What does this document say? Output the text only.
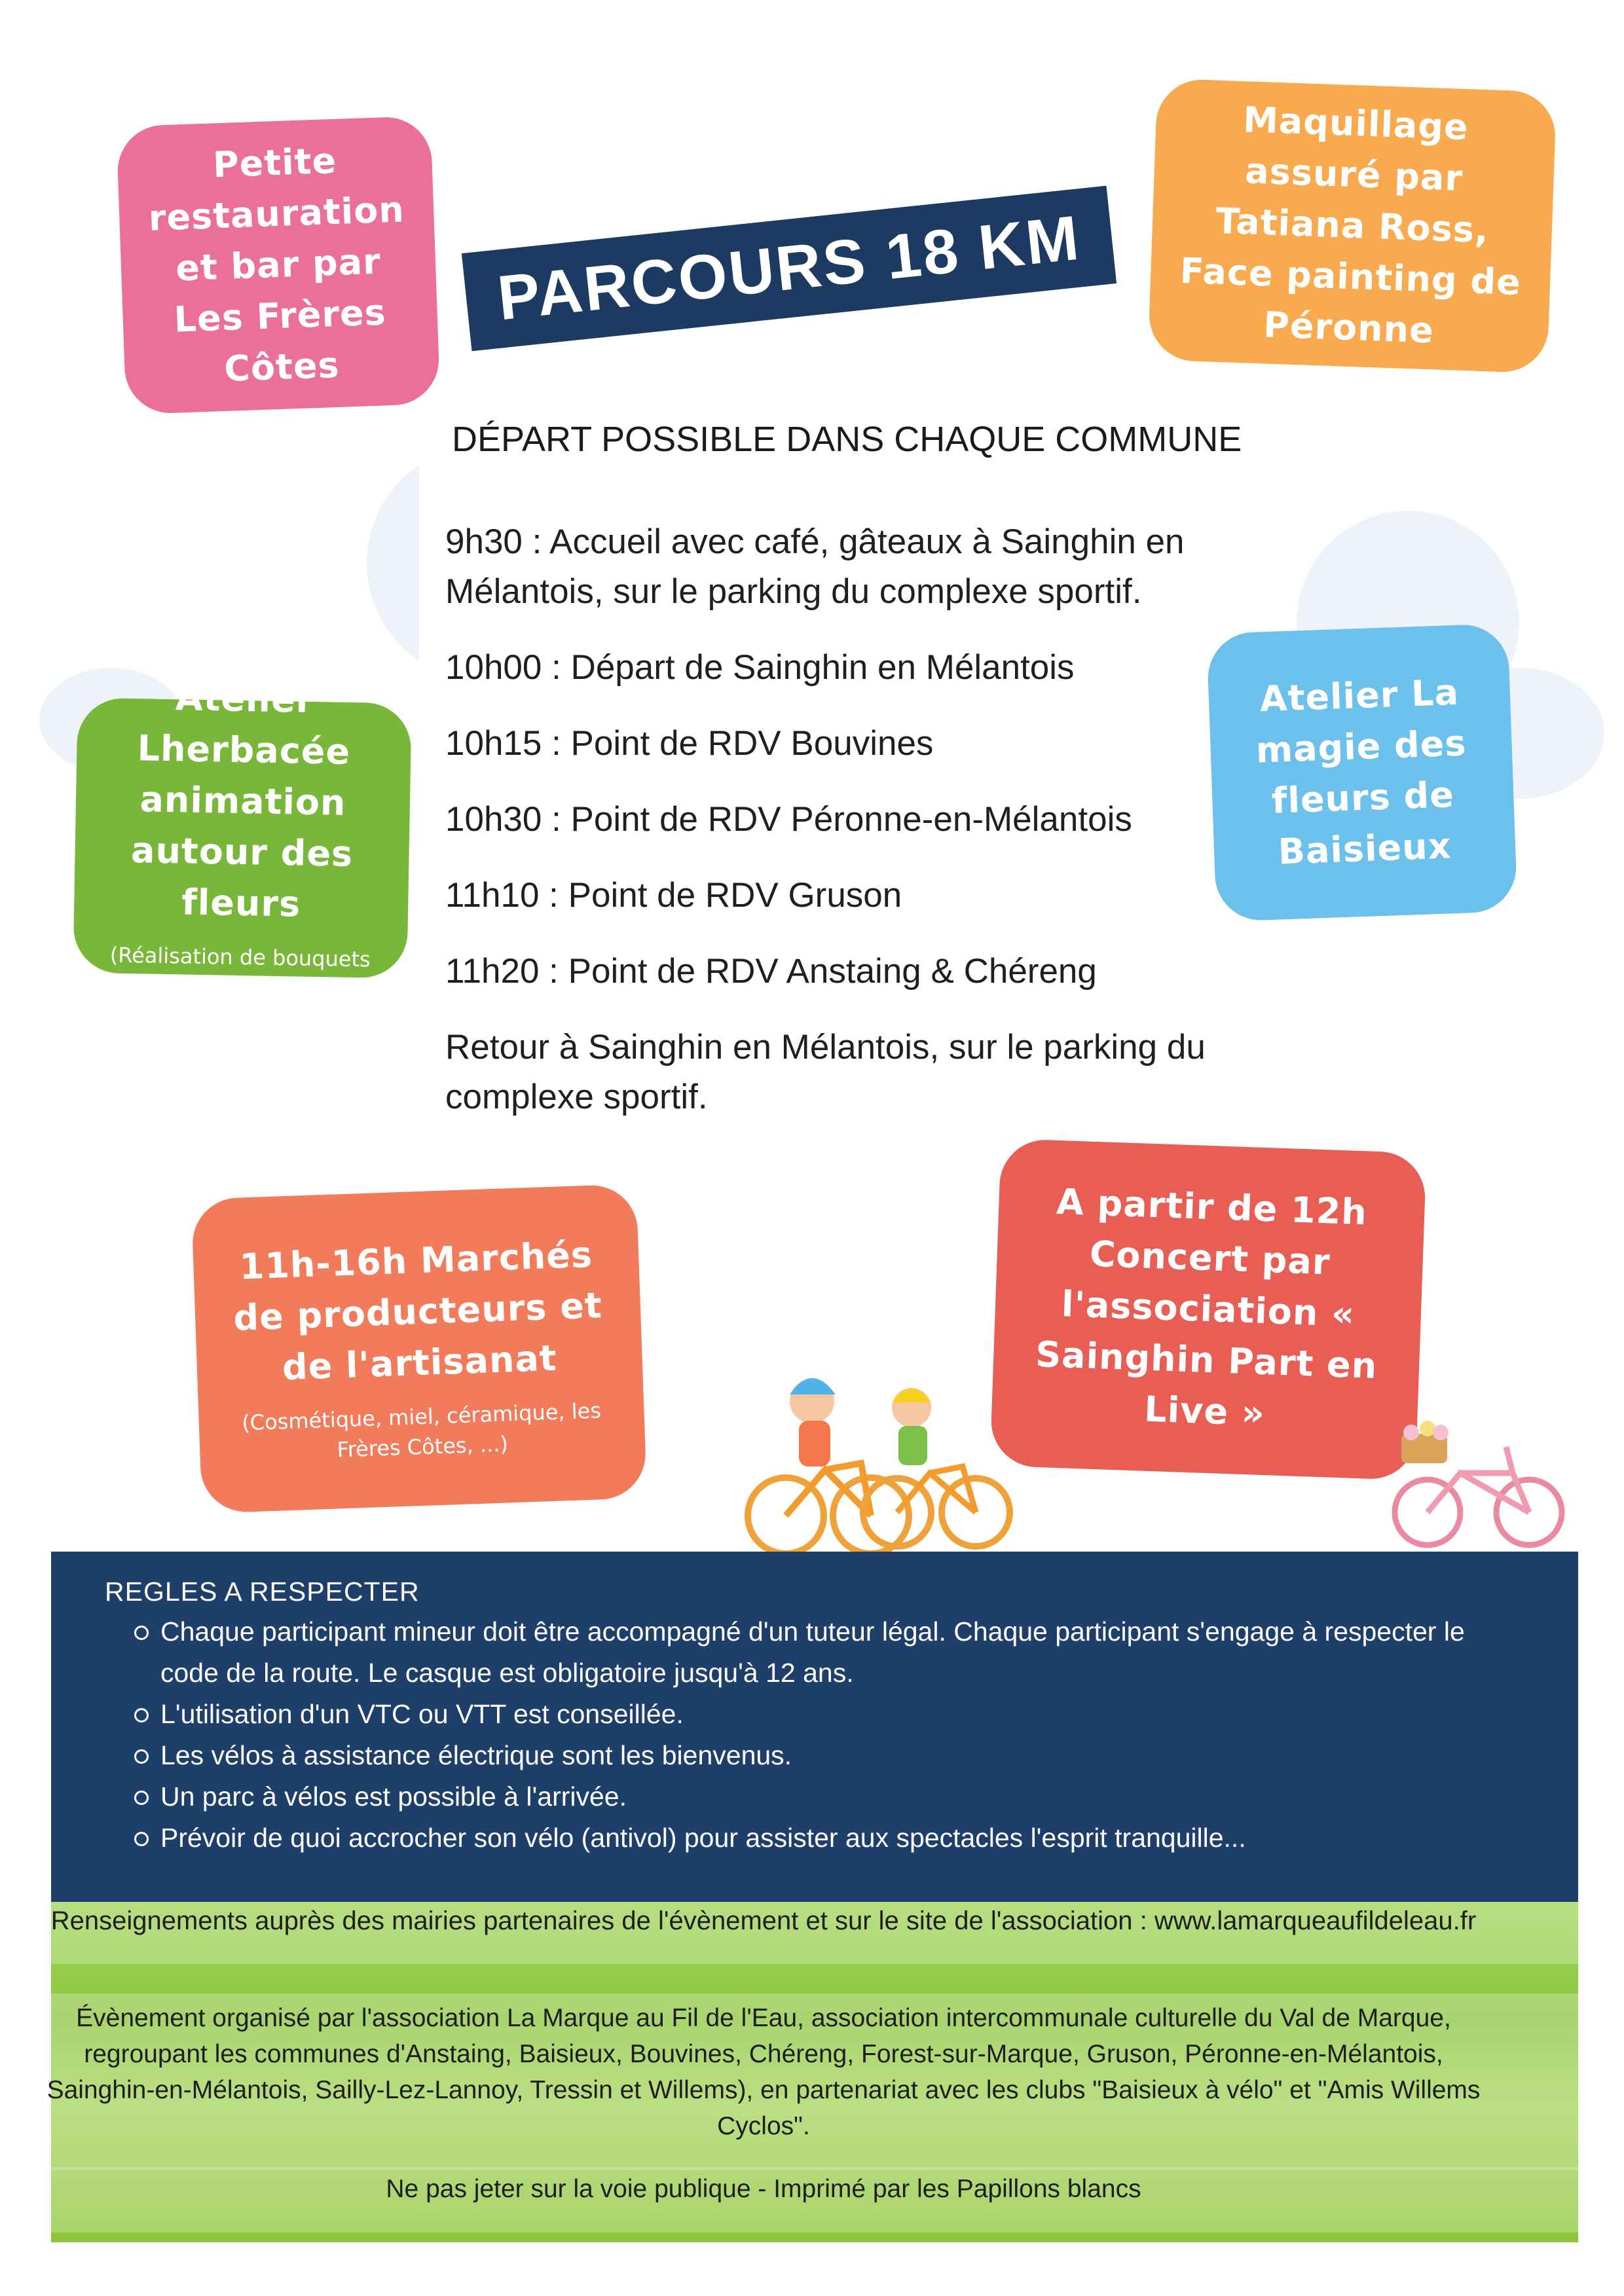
PARCOURS 18 KM
DÉPART POSSIBLE DANS CHAQUE COMMUNE
9h30 : Accueil avec café, gâteaux à Sainghin en Mélantois, sur le parking du complexe sportif.
10h00 : Départ de Sainghin en Mélantois
10h15 : Point de RDV Bouvines
10h30 : Point de RDV Péronne-en-Mélantois
11h10 : Point de RDV Gruson
11h20 : Point de RDV Anstaing & Chéreng
Retour à Sainghin en Mélantois, sur le parking du complexe sportif.
Petite restauration et bar par Les Frères Côtes
Maquillage assuré par Tatiana Ross, Face painting de Péronne
Atelier Lherbacée animation autour des fleurs
(Réalisation de bouquets et de couronnes)
Atelier La magie des fleurs de Baisieux
11h-16h Marchés de producteurs et de l'artisanat
(Cosmétique, miel, céramique, les Frères Côtes, ...)
A partir de 12h Concert par l'association « Sainghin Part en Live »
REGLES A RESPECTER
Chaque participant mineur doit être accompagné d'un tuteur légal. Chaque participant s'engage à respecter le code de la route. Le casque est obligatoire jusqu'à 12 ans.
L'utilisation d'un VTC ou VTT est conseillée.
Les vélos à assistance électrique sont les bienvenus.
Un parc à vélos est possible à l'arrivée.
Prévoir de quoi accrocher son vélo (antivol) pour assister aux spectacles l'esprit tranquille...
Renseignements auprès des mairies partenaires de l'évènement et sur le site de l'association : www.lamarqueaufildeleau.fr
Évènement organisé par l'association La Marque au Fil de l'Eau, association intercommunale culturelle du Val de Marque, regroupant les communes d'Anstaing, Baisieux, Bouvines, Chéreng, Forest-sur-Marque, Gruson, Péronne-en-Mélantois, Sainghin-en-Mélantois, Sailly-Lez-Lannoy, Tressin et Willems), en partenariat avec les clubs "Baisieux à vélo" et "Amis Willems Cyclos".
Ne pas jeter sur la voie publique - Imprimé par les Papillons blancs
